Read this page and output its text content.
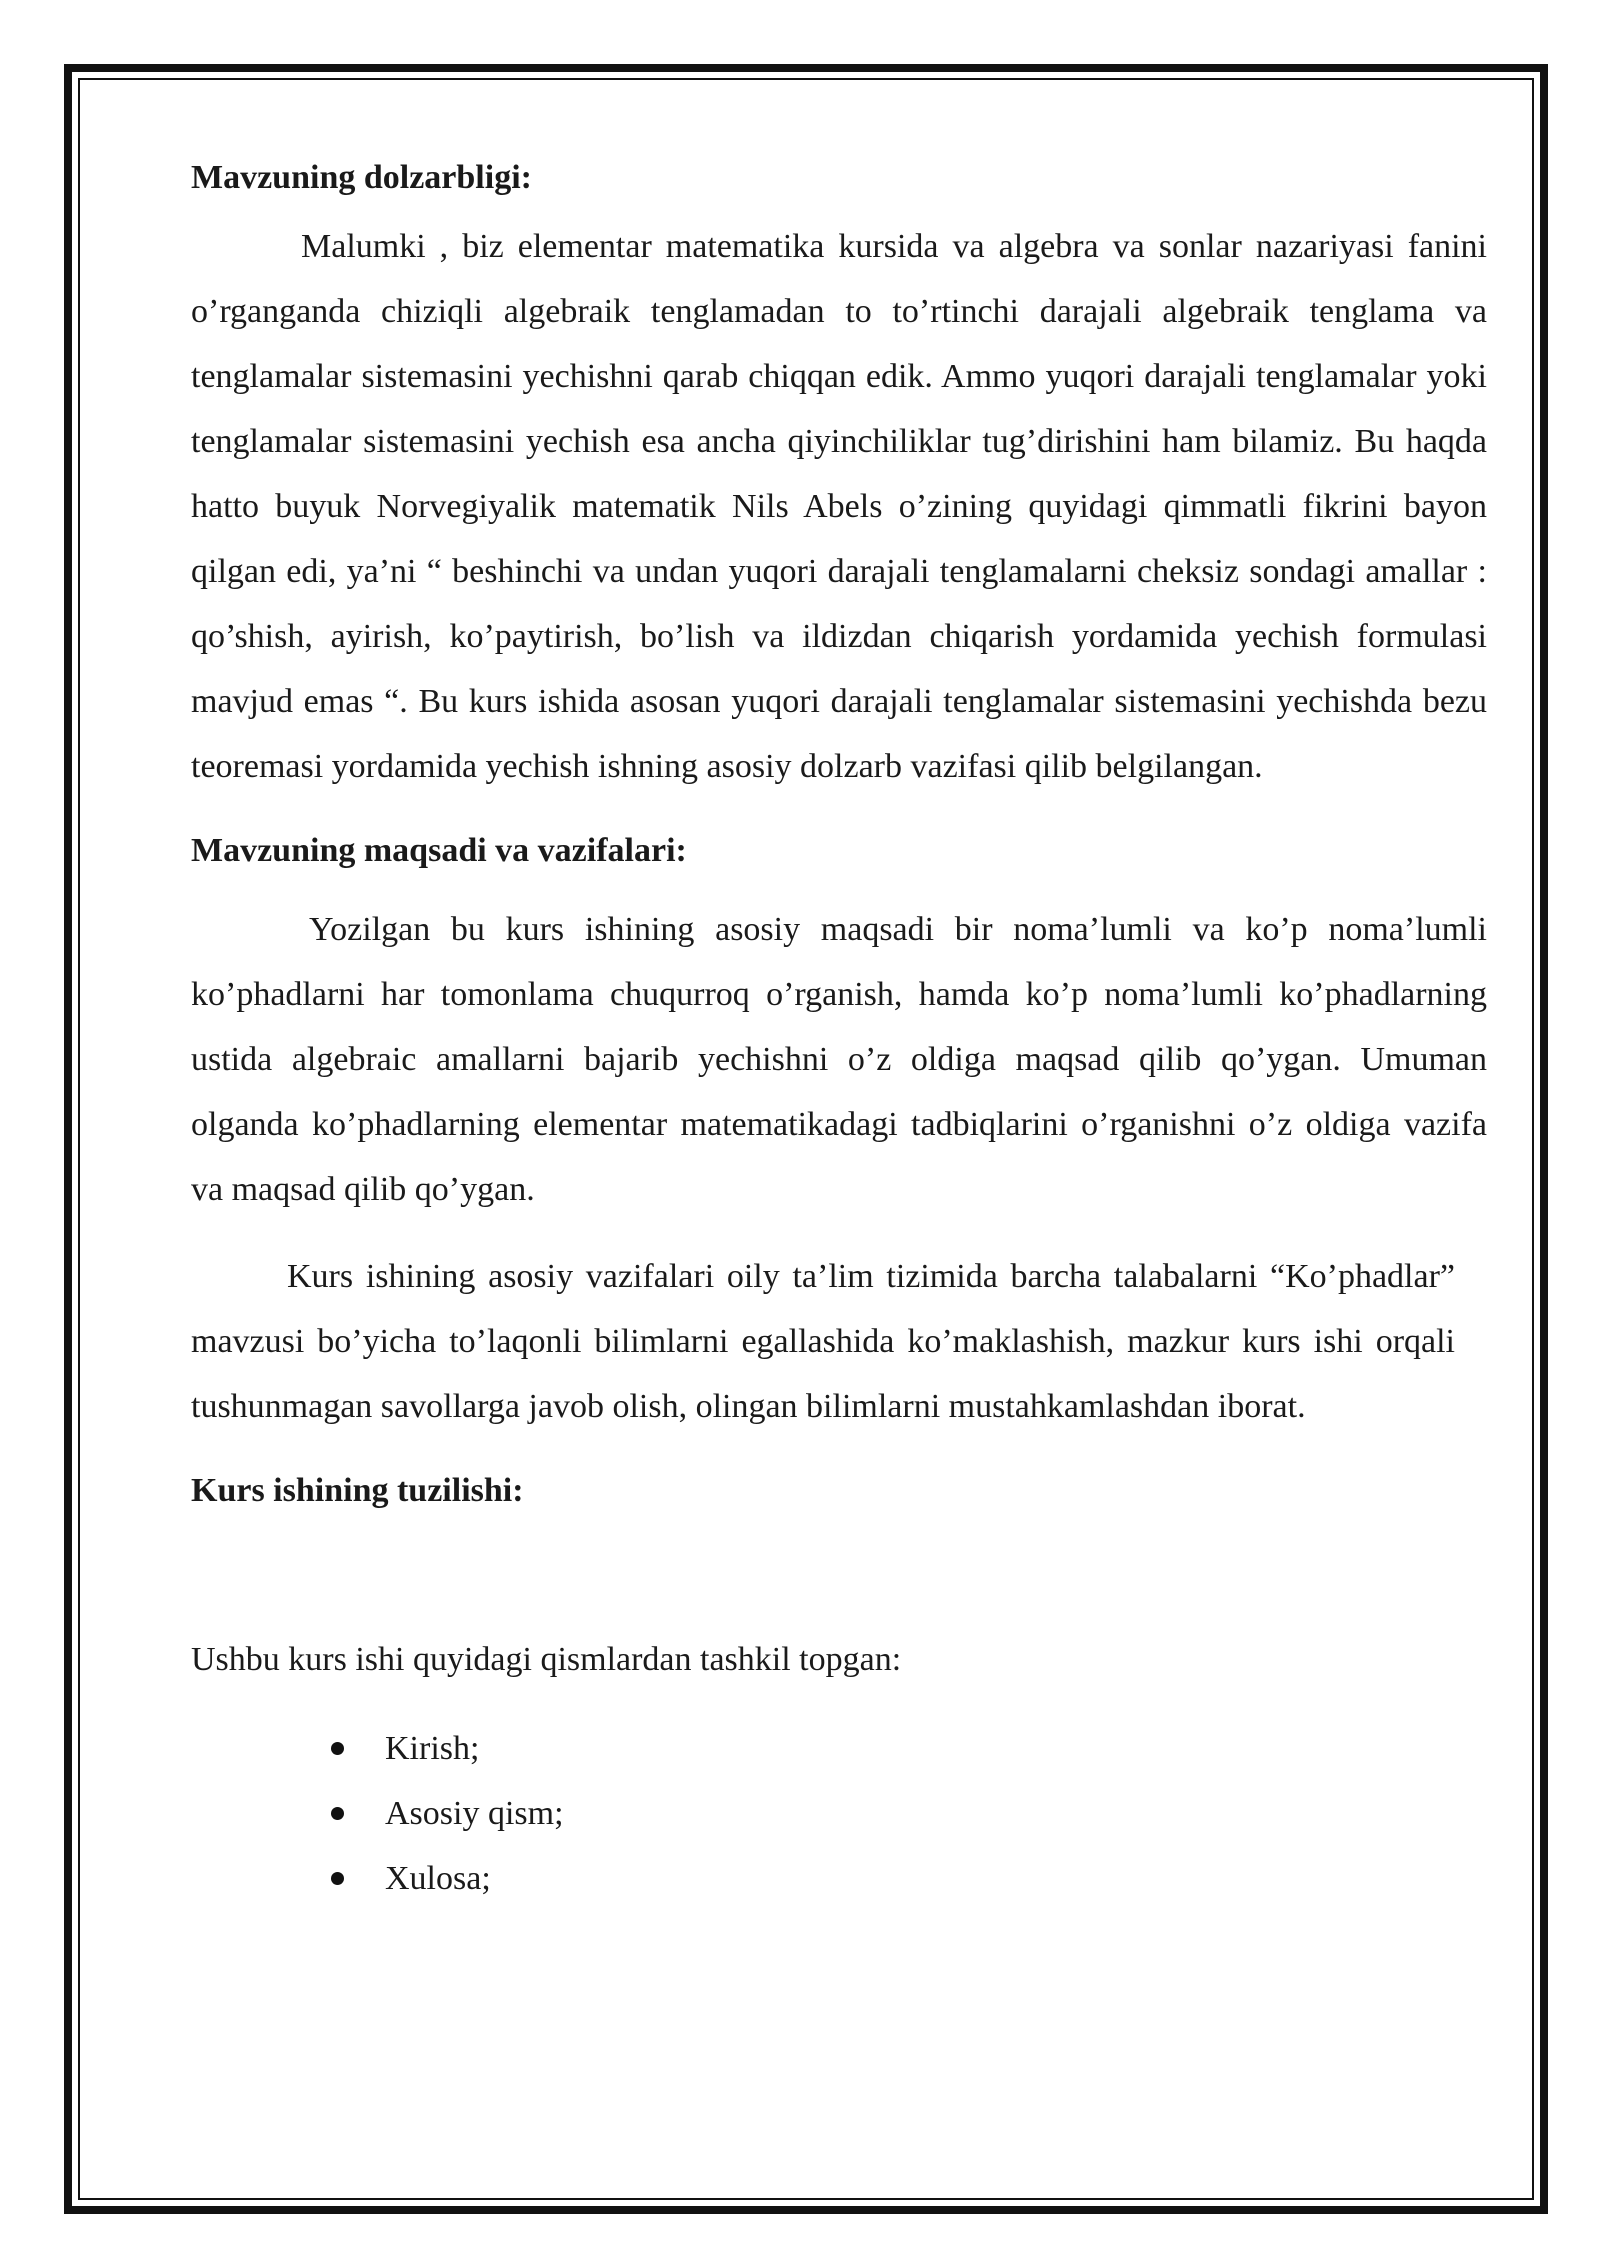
Mavzuning dolzarbligi:

Malumki , biz elementar matematika kursida va algebra va sonlar nazariyasi fanini o’rganganda chiziqli algebraik tenglamadan to to’rtinchi darajali algebraik tenglama va tenglamalar sistemasini yechishni qarab chiqqan edik. Ammo yuqori darajali tenglamalar yoki tenglamalar sistemasini yechish esa ancha qiyinchiliklar tug’dirishini ham bilamiz. Bu haqda hatto buyuk Norvegiyalik matematik Nils Abels o’zining quyidagi qimmatli fikrini bayon qilgan edi, ya’ni “ beshinchi va undan yuqori darajali tenglamalarni cheksiz sondagi amallar : qo’shish, ayirish, ko’paytirish, bo’lish va ildizdan chiqarish yordamida yechish formulasi mavjud emas “. Bu kurs ishida asosan yuqori darajali tenglamalar sistemasini yechishda bezu teoremasi yordamida yechish ishning asosiy dolzarb vazifasi qilib belgilangan.

Mavzuning maqsadi va vazifalari:

Yozilgan bu kurs ishining asosiy maqsadi bir noma’lumli va ko’p noma’lumli ko’phadlarni har tomonlama chuqurroq o’rganish, hamda ko’p noma’lumli ko’phadlarning ustida algebraic amallarni bajarib yechishni o’z oldiga maqsad qilib qo’ygan. Umuman olganda ko’phadlarning elementar matematikadagi tadbiqlarini o’rganishni o’z oldiga vazifa va maqsad qilib qo’ygan.

Kurs ishining asosiy vazifalari oily ta’lim tizimida barcha talabalarni “Ko’phadlar” mavzusi bo’yicha to’laqonli bilimlarni egallashida ko’maklashish, mazkur kurs ishi orqali tushunmagan savollarga javob olish, olingan bilimlarni mustahkamlashdan iborat.

Kurs ishining tuzilishi:

Ushbu kurs ishi quyidagi qismlardan tashkil topgan:

Kirish;
Asosiy qism;
Xulosa;
